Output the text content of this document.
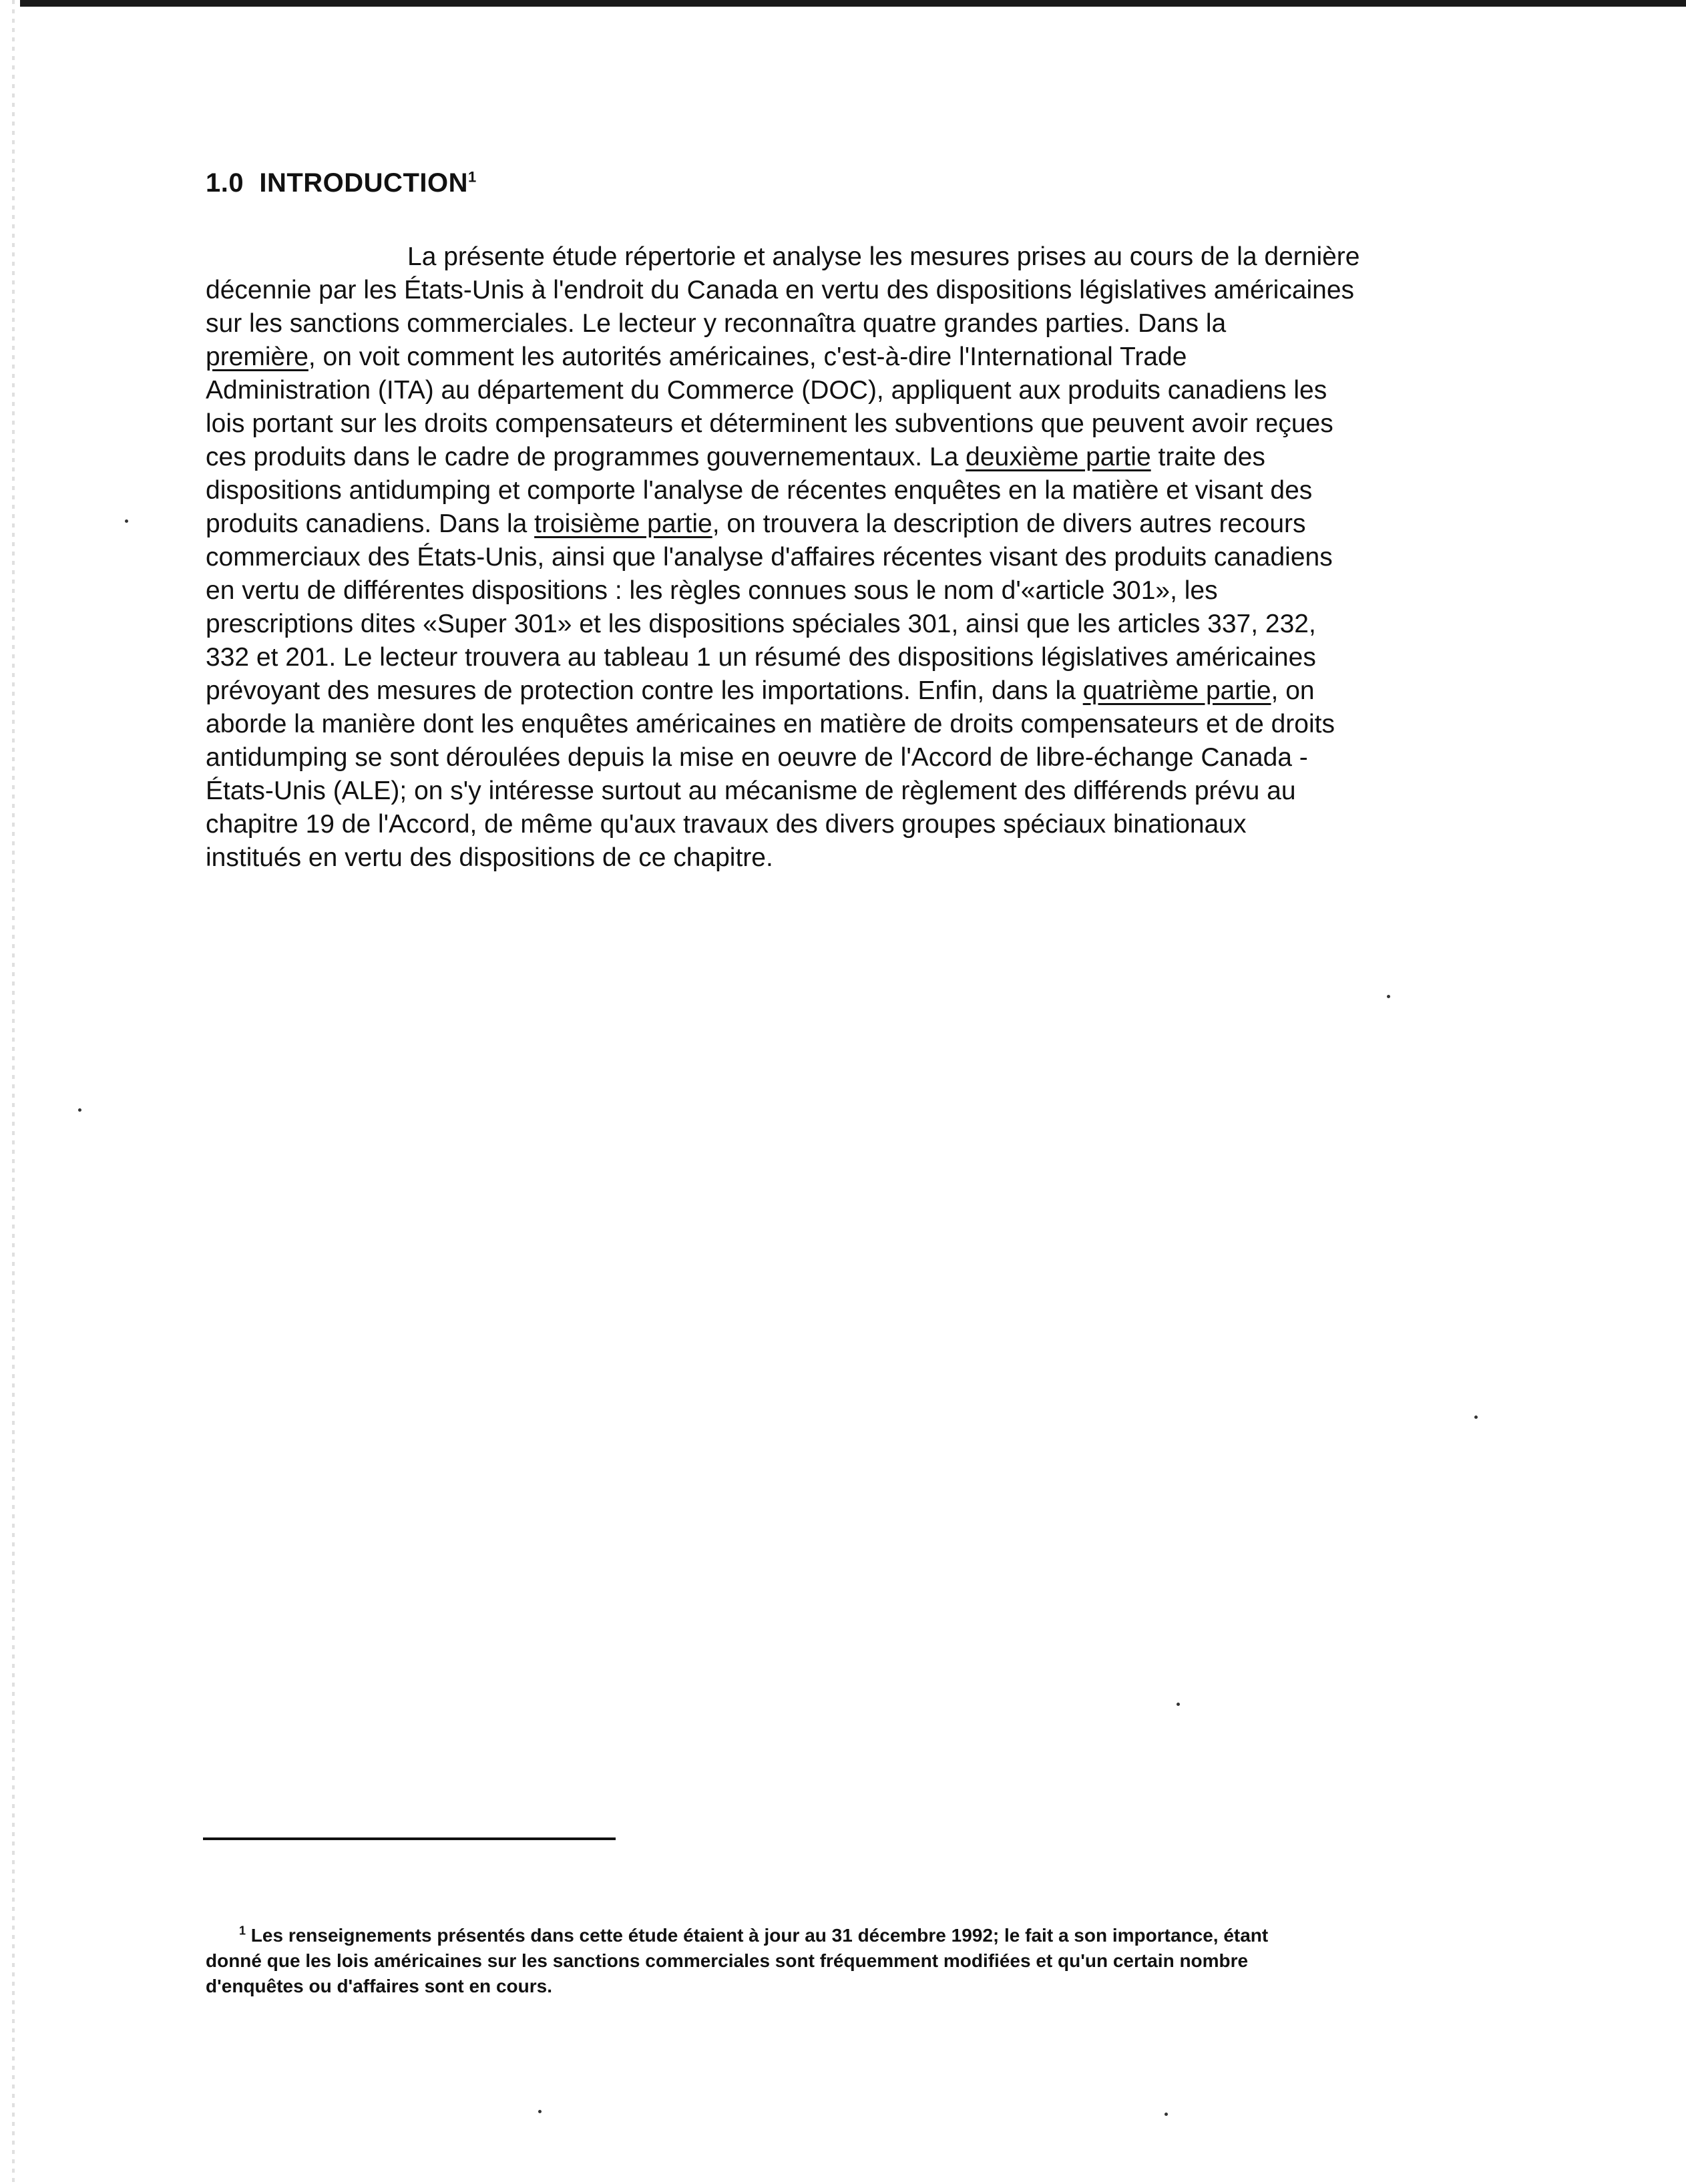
1.0 INTRODUCTION$^1$
La présente étude répertorie et analyse les mesures prises au cours de la dernière
décennie par les États-Unis à l'endroit du Canada en vertu des dispositions législatives américaines
sur les sanctions commerciales. Le lecteur y reconnaîtra quatre grandes parties. Dans la
première, on voit comment les autorités américaines, c'est-à-dire l'International Trade
Administration (ITA) au département du Commerce (DOC), appliquent aux produits canadiens les
lois portant sur les droits compensateurs et déterminent les subventions que peuvent avoir reçues
ces produits dans le cadre de programmes gouvernementaux. La deuxième partie traite des
dispositions antidumping et comporte l'analyse de récentes enquêtes en la matière et visant des
produits canadiens. Dans la troisième partie, on trouvera la description de divers autres recours
commerciaux des États-Unis, ainsi que l'analyse d'affaires récentes visant des produits canadiens
en vertu de différentes dispositions : les règles connues sous le nom d'«article 301», les
prescriptions dites «Super 301» et les dispositions spéciales 301, ainsi que les articles 337, 232,
332 et 201. Le lecteur trouvera au tableau 1 un résumé des dispositions législatives américaines
prévoyant des mesures de protection contre les importations. Enfin, dans la quatrième partie, on
aborde la manière dont les enquêtes américaines en matière de droits compensateurs et de droits
antidumping se sont déroulées depuis la mise en oeuvre de l'Accord de libre-échange Canada -
États-Unis (ALE); on s'y intéresse surtout au mécanisme de règlement des différends prévu au
chapitre 19 de l'Accord, de même qu'aux travaux des divers groupes spéciaux binationaux
institués en vertu des dispositions de ce chapitre.
$^1$ Les renseignements présentés dans cette étude étaient à jour au 31 décembre 1992; le fait a son importance, étant
donné que les lois américaines sur les sanctions commerciales sont fréquemment modifiées et qu'un certain nombre
d'enquêtes ou d'affaires sont en cours.
